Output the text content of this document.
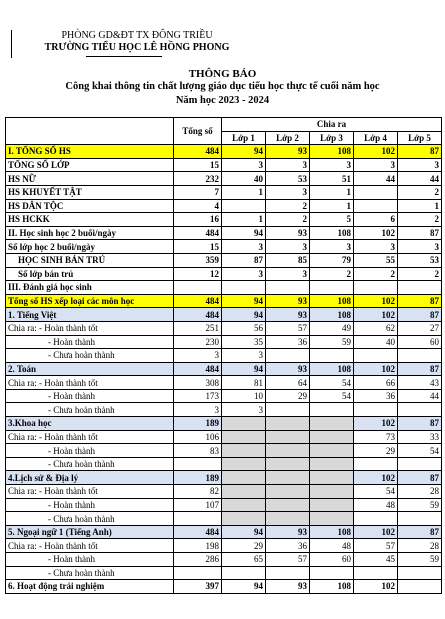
PHÒNG GD&ĐT TX ĐÔNG TRIỀU
TRƯỜNG TIỂU HỌC LÊ HỒNG PHONG
THÔNG BÁO
Công khai thông tin chất lượng giáo dục tiểu học thực tế cuối năm học
Năm học 2023 - 2024
	Tổng số	Chia ra				
		Lớp 1	Lớp 2	Lớp 3	Lớp 4	Lớp 5
I. TỔNG SỐ HS	484	94	93	108	102	87
TỔNG SỐ LỚP	15	3	3	3	3	3
HS NỮ	232	40	53	51	44	44
HS KHUYẾT TẬT	7	1	3	1		2
HS DÂN TỘC	4		2	1		1
HS HCKK	16	1	2	5	6	2
II. Học sinh học 2 buổi/ngày	484	94	93	108	102	87
Số lớp học 2 buổi/ngày	15	3	3	3	3	3
HỌC SINH BÁN TRÚ	359	87	85	79	55	53
Số lớp bán trú	12	3	3	2	2	2
III. Đánh giá học sinh						
Tổng số HS xếp loại các môn học	484	94	93	108	102	87
1. Tiếng Việt	484	94	93	108	102	87
Chia ra: - Hoàn thành tốt	251	56	57	49	62	27
- Hoàn thành	230	35	36	59	40	60
- Chưa hoàn thành	3	3				
2. Toán	484	94	93	108	102	87
Chia ra: - Hoàn thành tốt	308	81	64	54	66	43
- Hoàn thành	173	10	29	54	36	44
- Chưa hoàn thành	3	3				
3.Khoa học	189				102	87
Chia ra: - Hoàn thành tốt	106				73	33
- Hoàn thành	83				29	54
- Chưa hoàn thành						
4.Lịch sử & Địa lý	189				102	87
Chia ra: - Hoàn thành tốt	82				54	28
- Hoàn thành	107				48	59
- Chưa hoàn thành						
5. Ngoại ngữ 1 (Tiếng Anh)	484	94	93	108	102	87
Chia ra: - Hoàn thành tốt	198	29	36	48	57	28
- Hoàn thành	286	65	57	60	45	59
- Chưa hoàn thành						
6. Hoạt động trải nghiệm	397	94	93	108	102	
